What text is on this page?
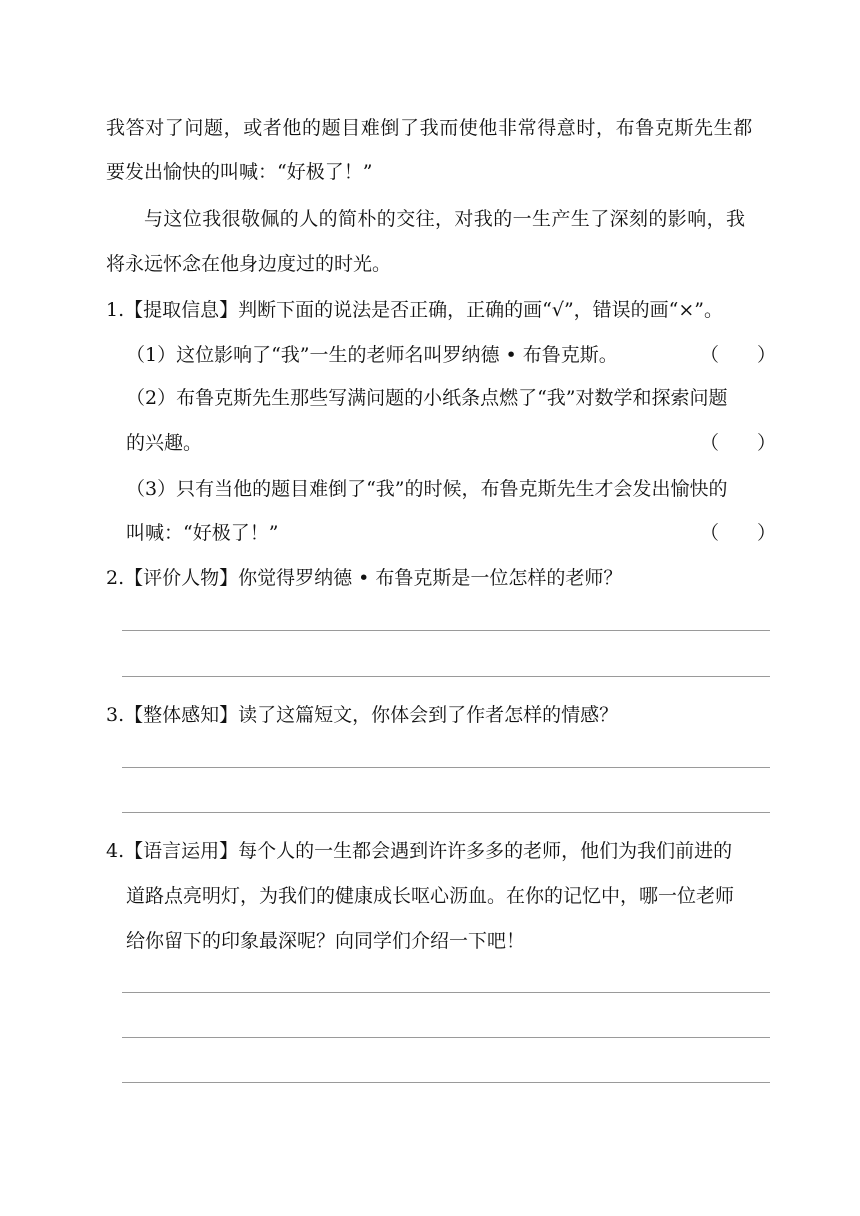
我答对了问题，或者他的题目难倒了我而使他非常得意时，布鲁克斯先生都
要发出愉快的叫喊：“好极了！”
与这位我很敬佩的人的简朴的交往，对我的一生产生了深刻的影响，我
将永远怀念在他身边度过的时光。
1.【提取信息】判断下面的说法是否正确，正确的画“√”，错误的画“×”。
（1）这位影响了“我”一生的老师名叫罗纳德 • 布鲁克斯。	（　　）
（2）布鲁克斯先生那些写满问题的小纸条点燃了“我”对数学和探索问题
的兴趣。	（　　）
（3）只有当他的题目难倒了“我”的时候，布鲁克斯先生才会发出愉快的
叫喊：“好极了！”	（　　）
2.【评价人物】你觉得罗纳德 • 布鲁克斯是一位怎样的老师？
3.【整体感知】读了这篇短文，你体会到了作者怎样的情感？
4.【语言运用】每个人的一生都会遇到许许多多的老师，他们为我们前进的
道路点亮明灯，为我们的健康成长呕心沥血。在你的记忆中，哪一位老师
给你留下的印象最深呢？向同学们介绍一下吧！
